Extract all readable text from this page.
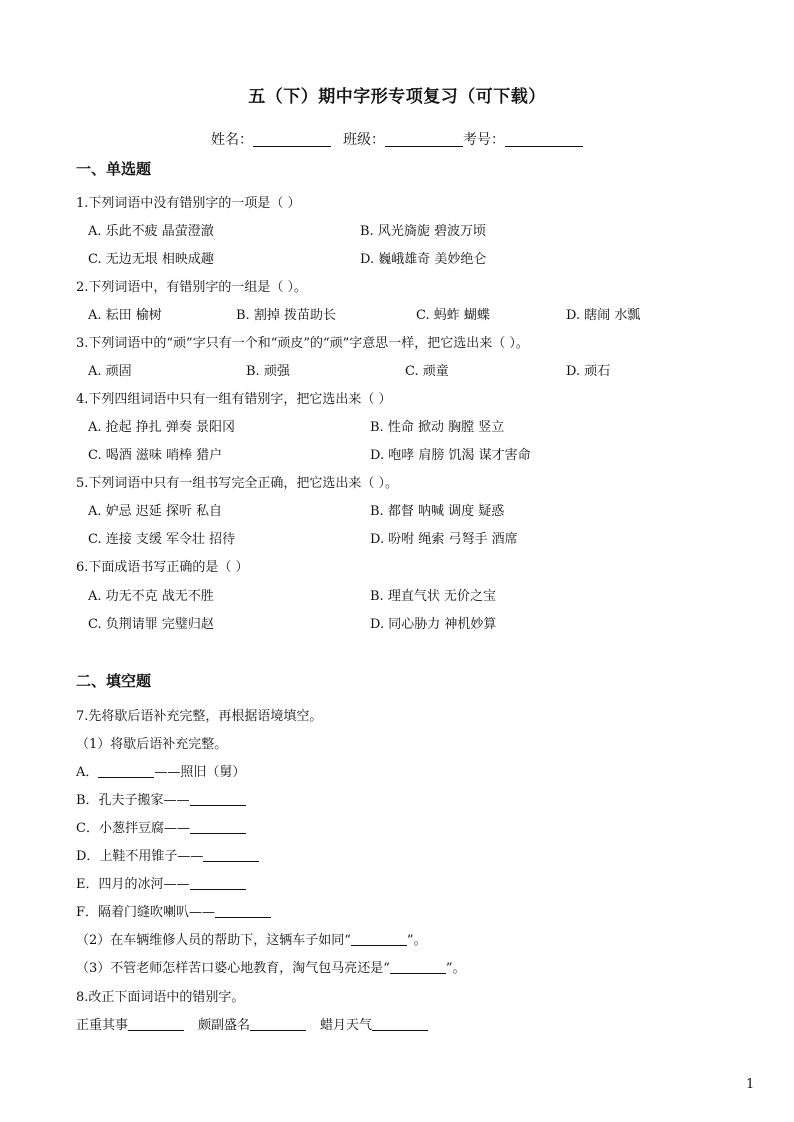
五（下）期中字形专项复习（可下载）
姓名：	班级：	考号：
一、单选题
1.下列词语中没有错别字的一项是（ ）
A. 乐此不疲 晶萤澄澈	B. 风光旖旎 碧波万顷
C. 无边无垠 相映成趣	D. 巍峨雄奇 美妙绝仑
2.下列词语中，有错别字的一组是（ ）。
A. 耘田 榆树	B. 割掉 拨苗助长	C. 蚂蚱 蝴蝶	D. 瞎闹 水瓢
3.下列词语中的“顽”字只有一个和“顽皮”的“顽”字意思一样，把它选出来（ ）。
A. 顽固	B. 顽强	C. 顽童	D. 顽石
4.下列四组词语中只有一组有错别字，把它选出来（ ）
A. 抢起 挣扎 弹奏 景阳冈	B. 性命 掀动 胸膛 竖立
C. 喝酒 滋味 哨棒 猎户	D. 咆哮 肩膀 饥渴 谋才害命
5.下列词语中只有一组书写完全正确，把它选出来（ ）。
A. 妒忌 迟延 探听 私自	B. 都督 呐喊 调度 疑惑
C. 连接 支缓 军令壮 招待	D. 吩咐 绳索 弓弩手 酒席
6.下面成语书写正确的是（ ）
A. 功无不克 战无不胜	B. 理直气状 无价之宝
C. 负荆请罪 完璧归赵	D. 同心胁力 神机妙算
二、填空题
7.先将歇后语补充完整，再根据语境填空。
（1）将歇后语补充完整。
A．	——照旧（舅）
B．孔夫子搬家——
C．小葱拌豆腐——
D．上鞋不用锥子——
E．四月的冰河——
F．隔着门缝吹喇叭——
（2）在车辆维修人员的帮助下，这辆车子如同“	”。
（3）不管老师怎样苦口婆心地教育，淘气包马亮还是“	”。
8.改正下面词语中的错别字。
正重其事	颇副盛名	蜡月天气
1
